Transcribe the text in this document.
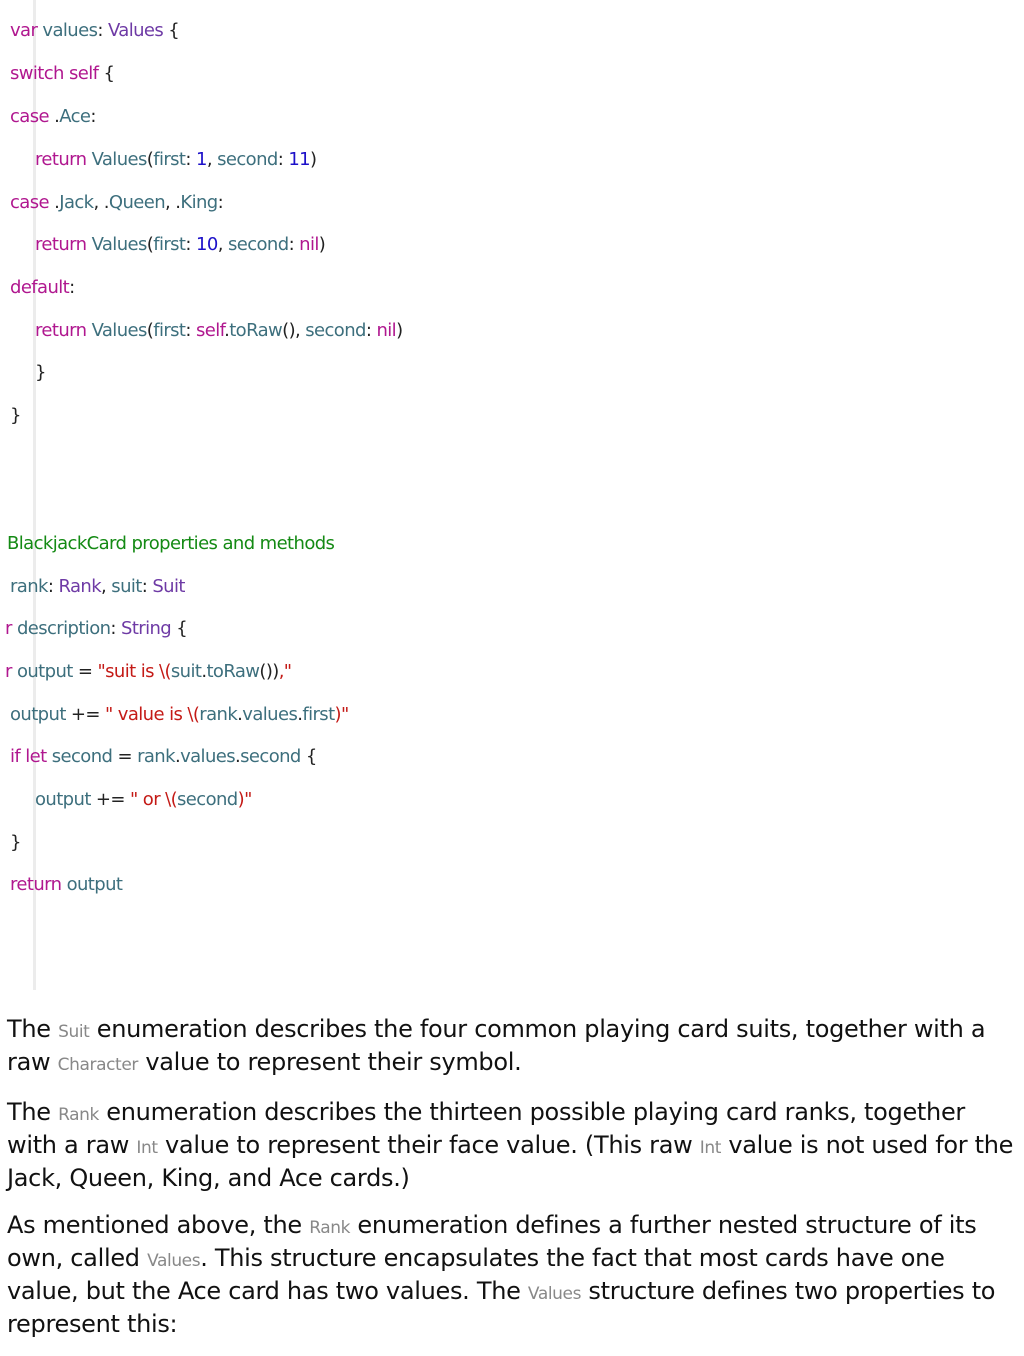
var values: Values {
switch self {
case .Ace:
return Values(first: 1, second: 11)
case .Jack, .Queen, .King:
return Values(first: 10, second: nil)
default:
return Values(first: self.toRaw(), second: nil)
}
}
BlackjackCard properties and methods
rank: Rank, suit: Suit
r description: String {
r output = "suit is \(suit.toRaw()),"
output += " value is \(rank.values.first)"
if let second = rank.values.second {
output += " or \(second)"
}
return output

The Suit enumeration describes the four common playing card suits, together with a raw Character value to represent their symbol.

The Rank enumeration describes the thirteen possible playing card ranks, together with a raw Int value to represent their face value. (This raw Int value is not used for the Jack, Queen, King, and Ace cards.)

As mentioned above, the Rank enumeration defines a further nested structure of its own, called Values. This structure encapsulates the fact that most cards have one value, but the Ace card has two values. The Values structure defines two properties to represent this:
